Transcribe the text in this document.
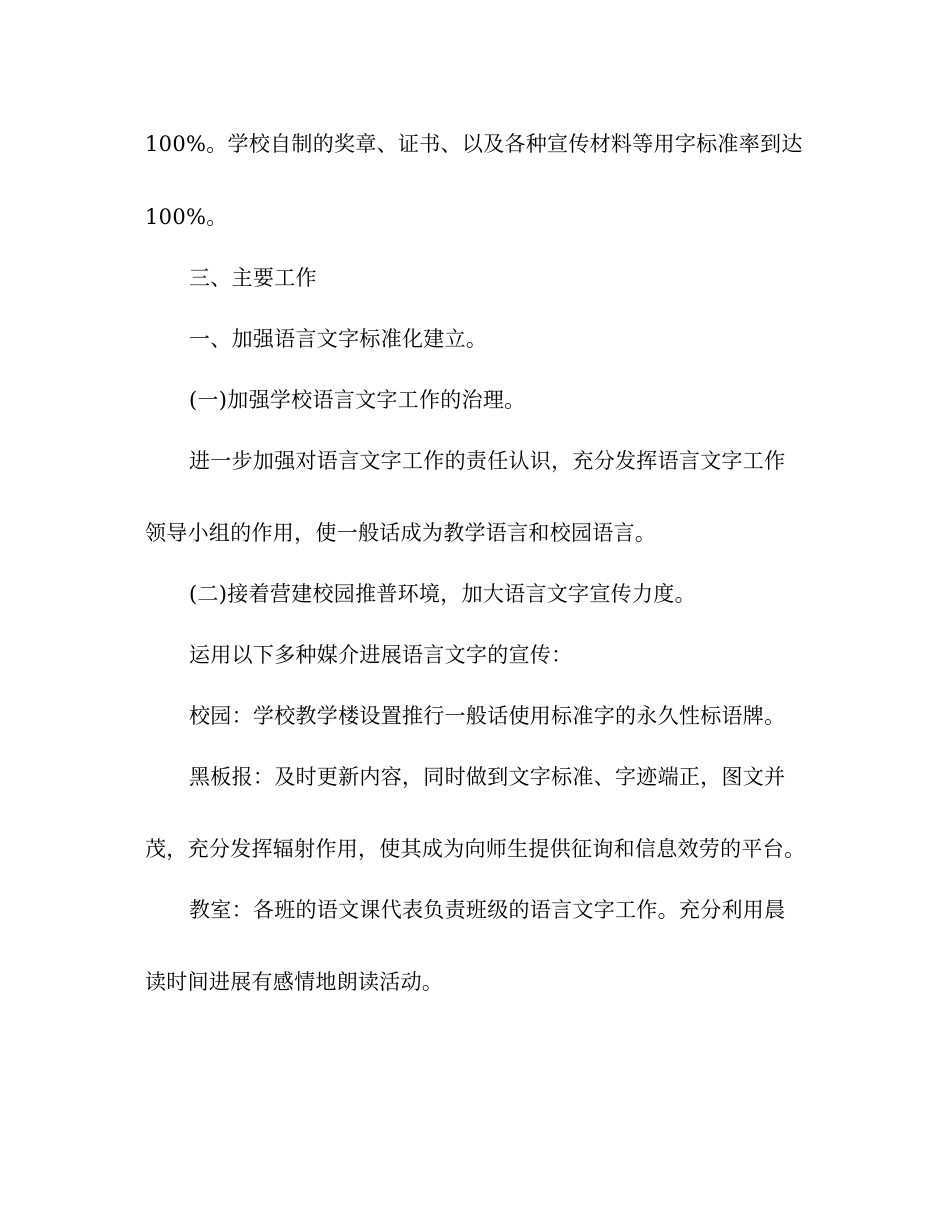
100%。学校自制的奖章、证书、以及各种宣传材料等用字标准率到达
100%。
三、主要工作
一、加强语言文字标准化建立。
(一)加强学校语言文字工作的治理。
进一步加强对语言文字工作的责任认识，充分发挥语言文字工作
领导小组的作用，使一般话成为教学语言和校园语言。
(二)接着营建校园推普环境，加大语言文字宣传力度。
运用以下多种媒介进展语言文字的宣传：
校园：学校教学楼设置推行一般话使用标准字的永久性标语牌。
黑板报：及时更新内容，同时做到文字标准、字迹端正，图文并
茂，充分发挥辐射作用，使其成为向师生提供征询和信息效劳的平台。
教室：各班的语文课代表负责班级的语言文字工作。充分利用晨
读时间进展有感情地朗读活动。
